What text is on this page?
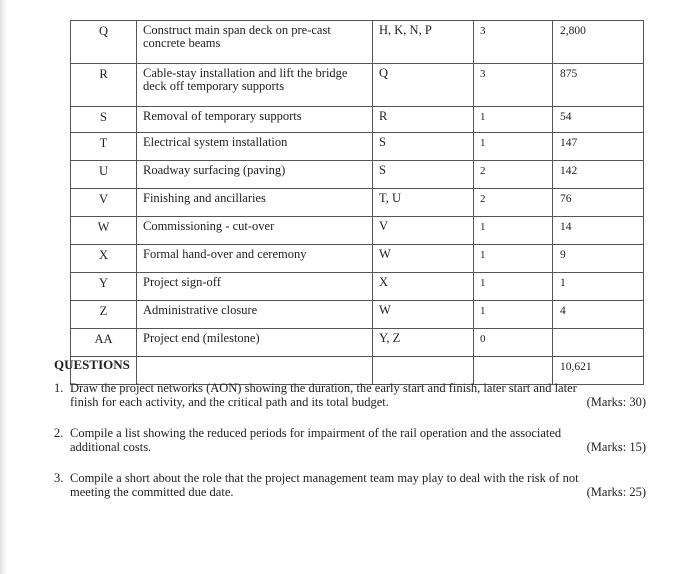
Q	Construct main span deck on pre-cast concrete beams	H, K, N, P	3	2,800
R	Cable-stay installation and lift the bridge deck off temporary supports	Q	3	875
S	Removal of temporary supports	R	1	54
T	Electrical system installation	S	1	147
U	Roadway surfacing (paving)	S	2	142
V	Finishing and ancillaries	T, U	2	76
W	Commissioning - cut-over	V	1	14
X	Formal hand-over and ceremony	W	1	9
Y	Project sign-off	X	1	1
Z	Administrative closure	W	1	4
AA	Project end (milestone)	Y, Z	0	
				10,621
QUESTIONS
1. Draw the project networks (AON) showing the duration, the early start and finish, later start and later
finish for each activity, and the critical path and its total budget.	(Marks: 30)
2. Compile a list showing the reduced periods for impairment of the rail operation and the associated
additional costs.	(Marks: 15)
3. Compile a short about the role that the project management team may play to deal with the risk of not
meeting the committed due date.	(Marks: 25)
